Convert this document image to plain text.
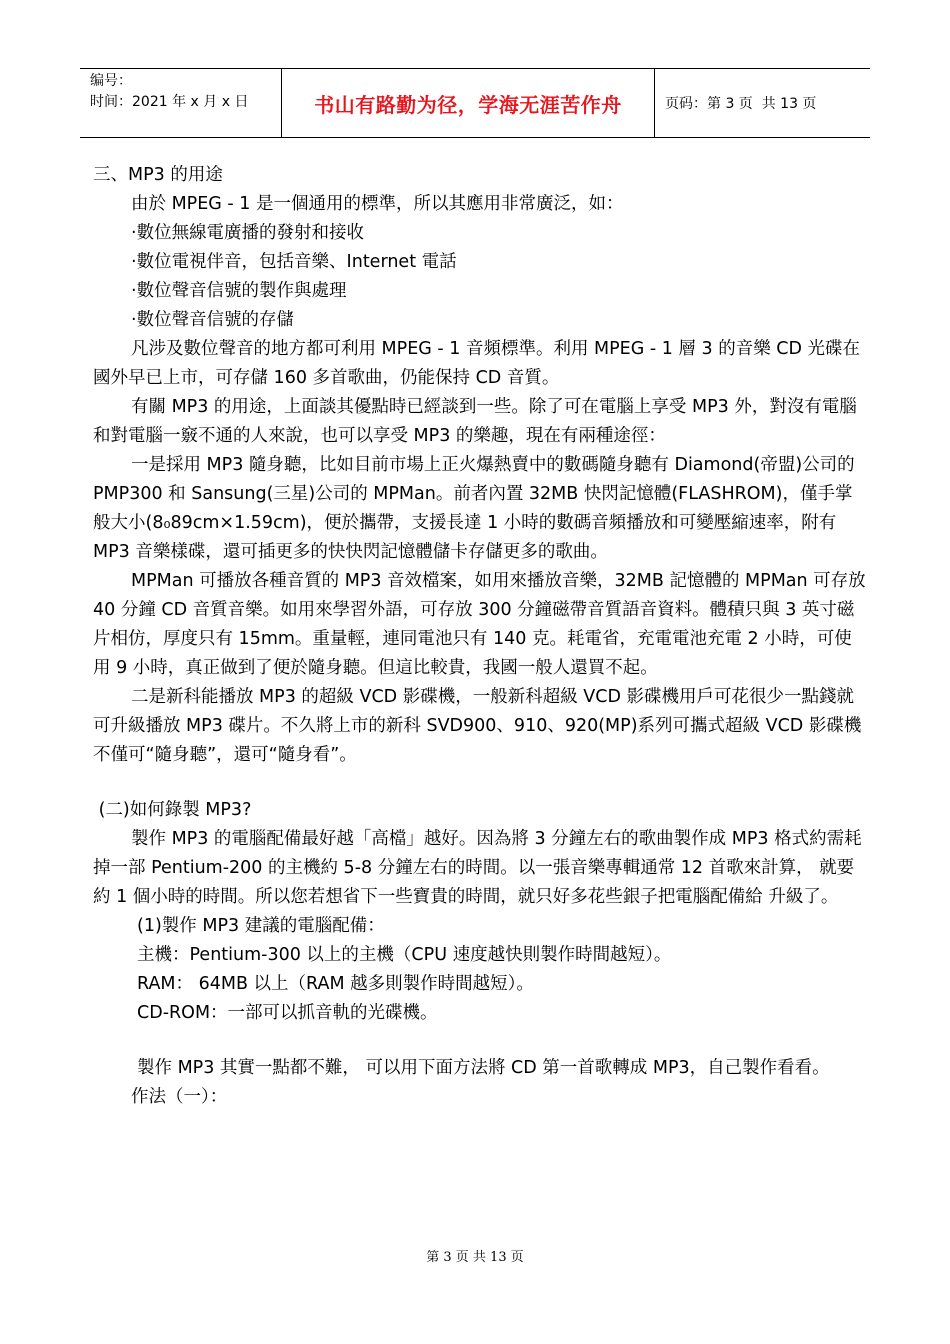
编号：
时间：2021 年 x 月 x 日	书山有路勤为径，学海无涯苦作舟	页码：第 3 页  共 13 页

三、MP3 的用途

由於 MPEG - 1 是一個通用的標準，所以其應用非常廣泛，如：

·數位無線電廣播的發射和接收

·數位電視伴音，包括音樂、Internet 電話

·數位聲音信號的製作與處理

·數位聲音信號的存儲

凡涉及數位聲音的地方都可利用 MPEG - 1 音頻標準。利用 MPEG - 1 層 3 的音樂 CD 光碟在國外早已上市，可存儲 160 多首歌曲，仍能保持 CD 音質。

有關 MP3 的用途，上面談其優點時已經談到一些。除了可在電腦上享受 MP3 外，對沒有電腦和對電腦一竅不通的人來說，也可以享受 MP3 的樂趣，現在有兩種途徑：

一是採用 MP3 隨身聽，比如目前市場上正火爆熱賣中的數碼隨身聽有 Diamond(帝盟)公司的 PMP300 和 Sansung(三星)公司的 MPMan。前者內置 32MB 快閃記憶體(FLASHROM)，僅手掌般大小(8₀89cm×1.59cm)，便於攜帶，支援長達 1 小時的數碼音頻播放和可變壓縮速率，附有 MP3 音樂樣碟，還可插更多的快快閃記憶體儲卡存儲更多的歌曲。

MPMan 可播放各種音質的 MP3 音效檔案，如用來播放音樂，32MB 記憶體的 MPMan 可存放 40 分鐘 CD 音質音樂。如用來學習外語，可存放 300 分鐘磁帶音質語音資料。體積只與 3 英寸磁片相仿，厚度只有 15mm。重量輕，連同電池只有 140 克。耗電省，充電電池充電 2 小時，可使用 9 小時，真正做到了便於隨身聽。但這比較貴，我國一般人還買不起。

二是新科能播放 MP3 的超級 VCD 影碟機，一般新科超級 VCD 影碟機用戶可花很少一點錢就可升級播放 MP3 碟片。不久將上市的新科 SVD900、910、920(MP)系列可攜式超級 VCD 影碟機不僅可“隨身聽”，還可“隨身看”。

(二)如何錄製 MP3?

製作 MP3 的電腦配備最好越「高檔」越好。因為將 3 分鐘左右的歌曲製作成 MP3 格式約需耗掉一部 Pentium-200 的主機約 5-8 分鐘左右的時間。以一張音樂專輯通常 12 首歌來計算， 就要約 1 個小時的時間。所以您若想省下一些寶貴的時間，就只好多花些銀子把電腦配備給 升級了。

(1)製作 MP3 建議的電腦配備：

主機：Pentium-300 以上的主機（CPU 速度越快則製作時間越短）。

RAM： 64MB 以上（RAM 越多則製作時間越短）。

CD-ROM：一部可以抓音軌的光碟機。

製作 MP3 其實一點都不難， 可以用下面方法將 CD 第一首歌轉成 MP3，自己製作看看。

作法（一）：

第 3 页 共 13 页
